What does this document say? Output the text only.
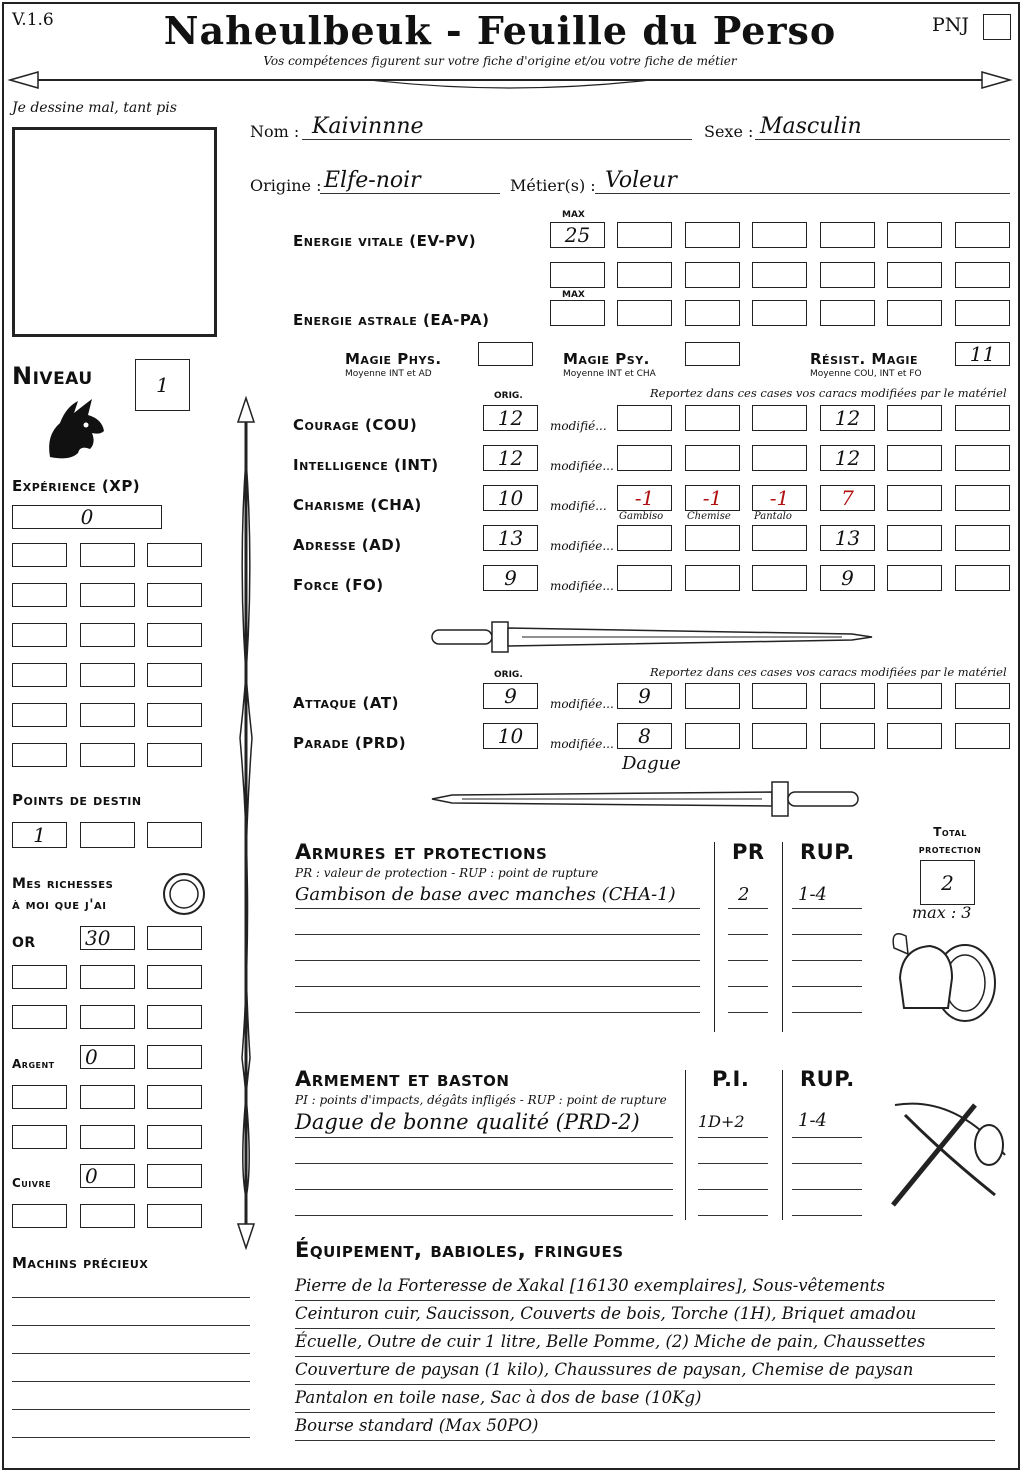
V.1.6	Naheulbeuk - Feuille du Perso
Vos compétences figurent sur votre fiche d'origine et/ou votre fiche de métier
PNJ
Je dessine mal, tant pis
Nom : Kaivinnne	Sexe : Masculin
Origine : Elfe-noir	Métier(s) : Voleur
MAX
Energie vitale (EV-PV)	25
MAX
Energie astrale (EA-PA)
Magie Phys.
Moyenne INT et AD
Magie Psy.
Moyenne INT et CHA
Résist. Magie
Moyenne COU, INT et FO
11
Niveau	1
Expérience (XP)
0
Points de destin
1
Mes richesses
à moi que j'ai
OR 30
Argent 0
Cuivre 0
Machins précieux
ORIG.	Reportez dans ces cases vos caracs modifiées par le matériel
ORIG.	Reportez dans ces cases vos caracs modifiées par le matériel
Attaque (AT)	9	modifiée...	9
Parade (PRD)	10	modifiée...	8
Dague
Armures et protections
PR : valeur de protection - RUP : point de rupture
PR RUP.
Total
protection
2
max : 3
Armement et baston
PI : points d'impacts, dégâts infligés - RUP : point de rupture
P.I. RUP.
Équipement, babioles, fringues
Courage (COU)	12	modifié...	12
Intelligence (INT)	12	modifiée...	12
Charisme (CHA)	10	modifié...	-1	-1	-1	7
Adresse (AD)	13	modifiée...	13
Force (FO)	9	modifiée...	9
Gambiso Chemise Pantalo
Gambison de base avec manches (CHA-1)	2	1-4
Dague de bonne qualité (PRD-2)	1D+2	1-4
Pierre de la Forteresse de Xakal [16130 exemplaires], Sous-vêtements
Ceinturon cuir, Saucisson, Couverts de bois, Torche (1H), Briquet amadou
Écuelle, Outre de cuir 1 litre, Belle Pomme, (2) Miche de pain, Chaussettes
Couverture de paysan (1 kilo), Chaussures de paysan, Chemise de paysan
Pantalon en toile nase, Sac à dos de base (10Kg)
Bourse standard (Max 50PO)
